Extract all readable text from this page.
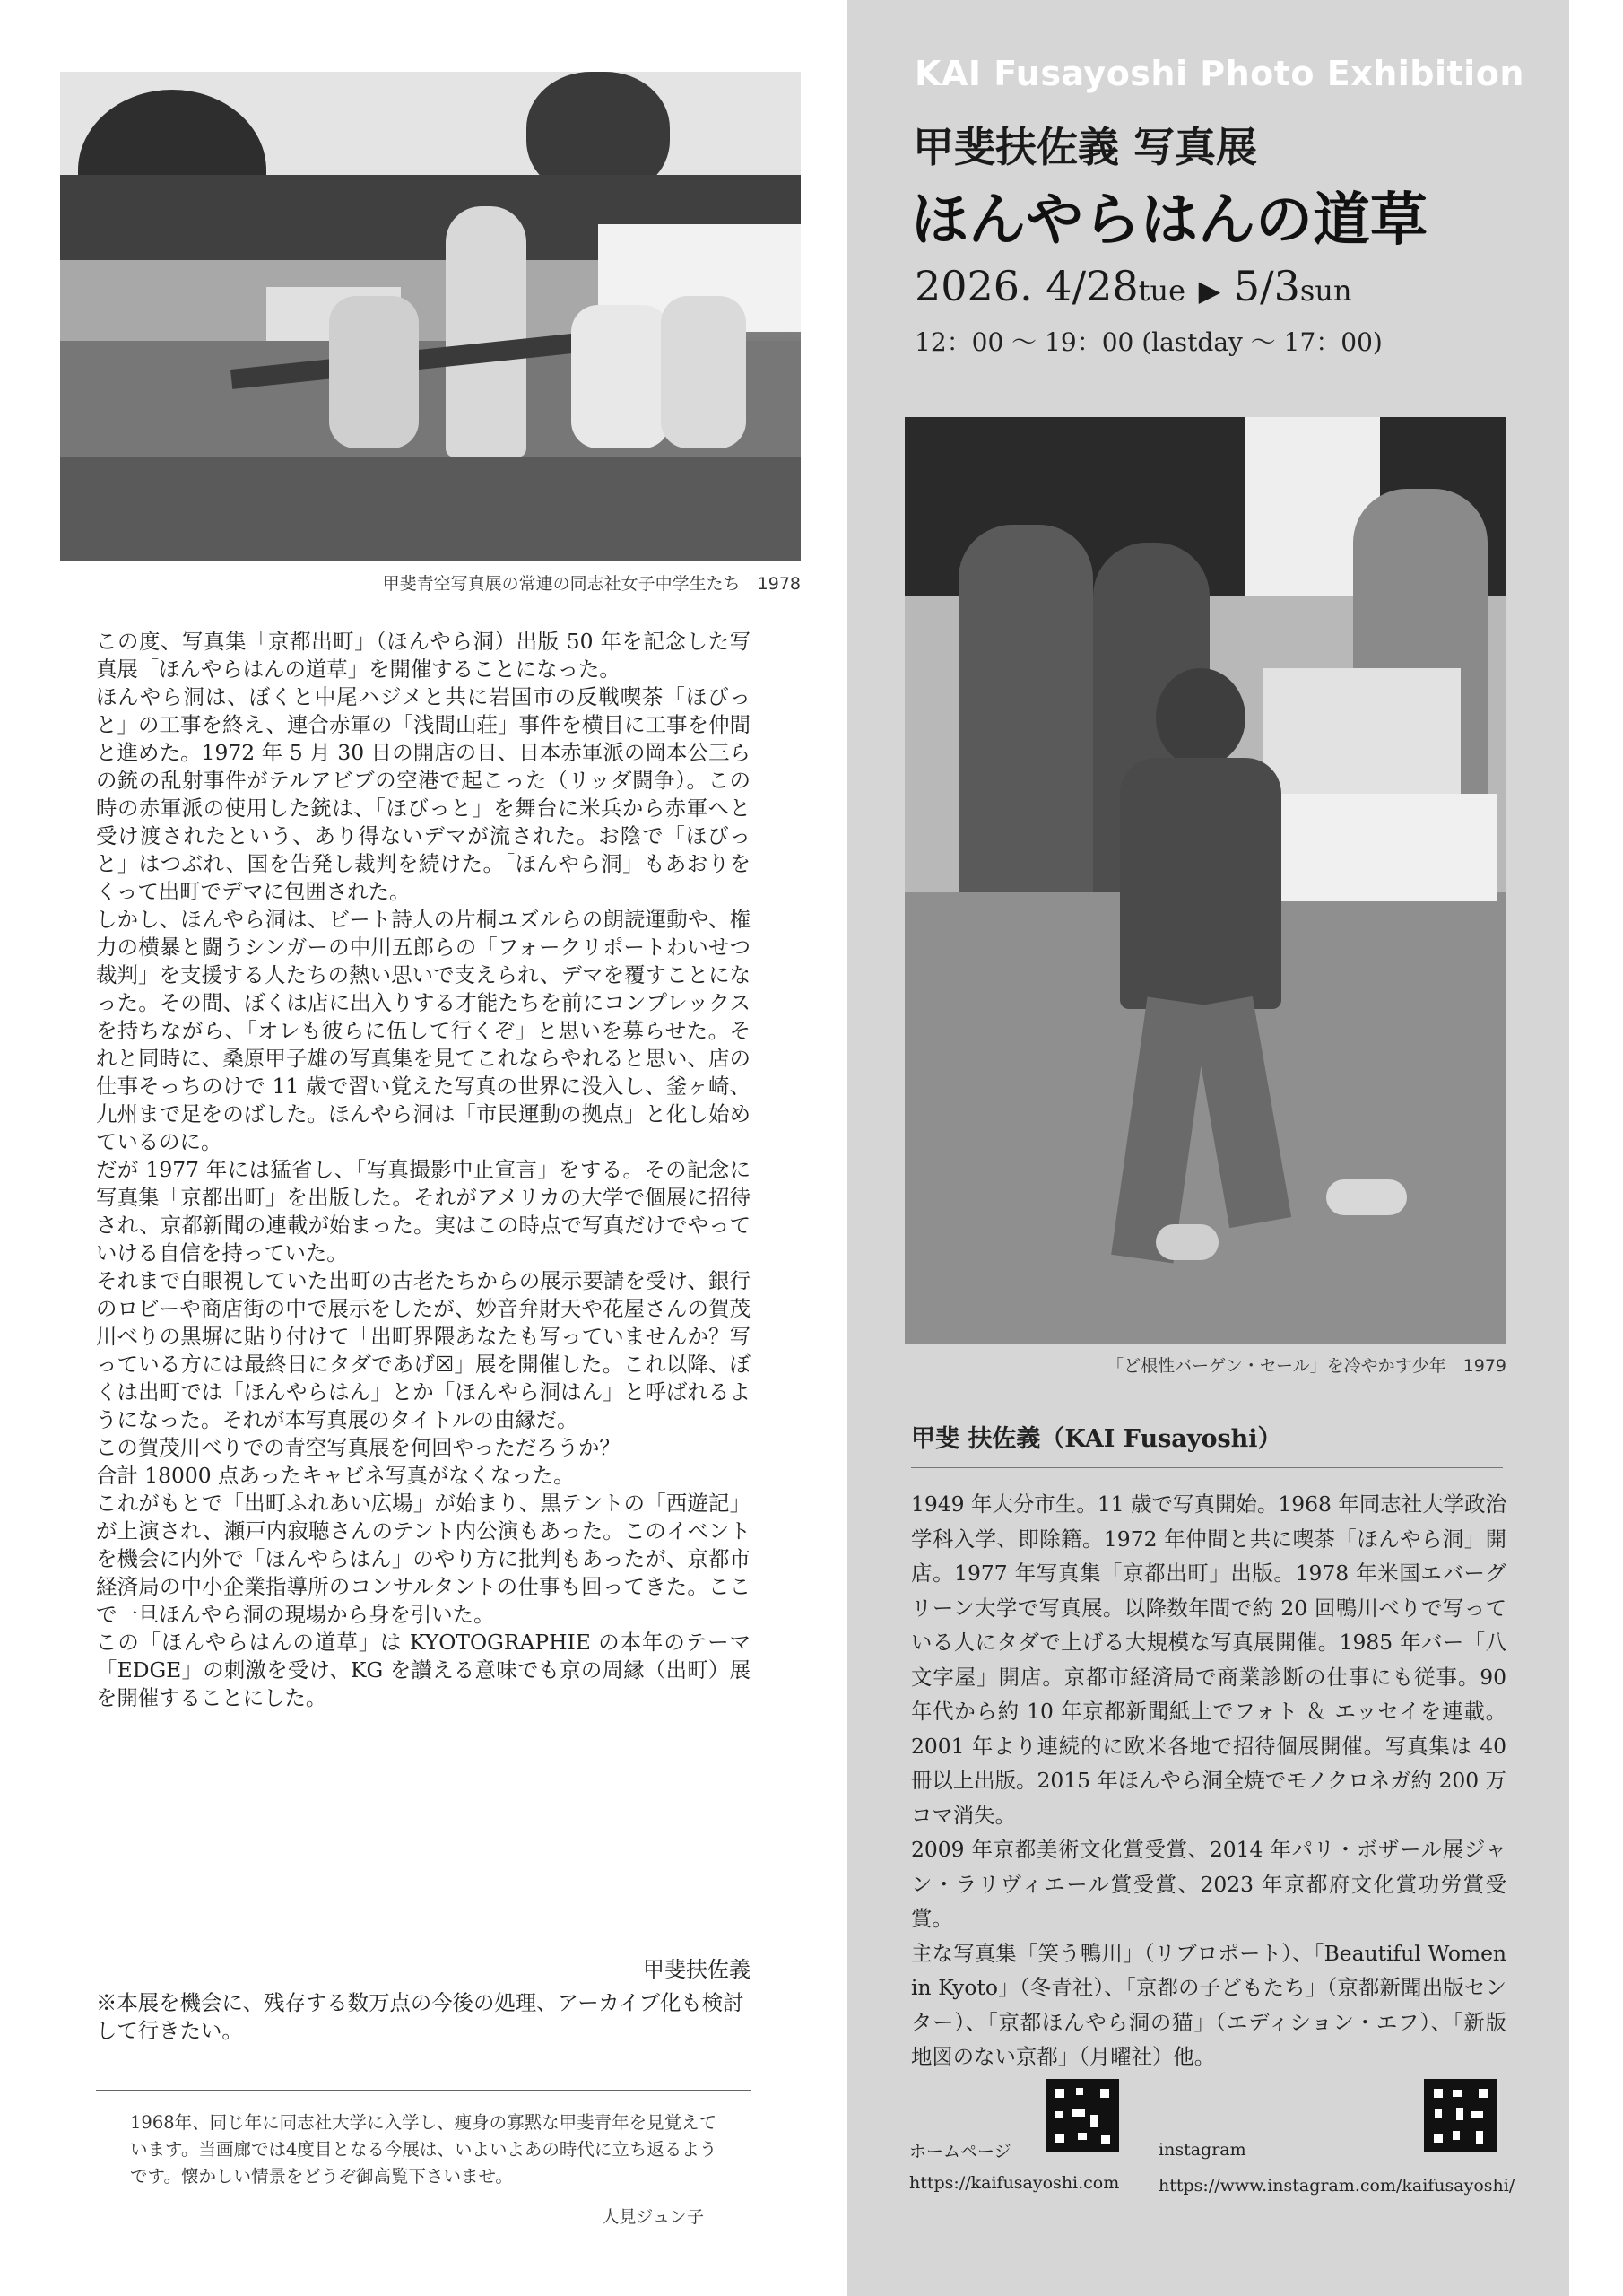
甲斐青空写真展の常連の同志社女子中学生たち　1978

この度、写真集「京都出町」（ほんやら洞）出版 50 年を記念した写真展「ほんやらはんの道草」を開催することになった。

ほんやら洞は、ぼくと中尾ハジメと共に岩国市の反戦喫茶「ほびっと」の工事を終え、連合赤軍の「浅間山荘」事件を横目に工事を仲間と進めた。1972 年 5 月 30 日の開店の日、日本赤軍派の岡本公三らの銃の乱射事件がテルアビブの空港で起こった（リッダ闘争）。この時の赤軍派の使用した銃は、「ほびっと」を舞台に米兵から赤軍へと受け渡されたという、あり得ないデマが流された。お陰で「ほびっと」はつぶれ、国を告発し裁判を続けた。「ほんやら洞」もあおりをくって出町でデマに包囲された。

しかし、ほんやら洞は、ビート詩人の片桐ユズルらの朗読運動や、権力の横暴と闘うシンガーの中川五郎らの「フォークリポートわいせつ裁判」を支援する人たちの熱い思いで支えられ、デマを覆すことになった。その間、ぼくは店に出入りする才能たちを前にコンプレックスを持ちながら、「オレも彼らに伍して行くぞ」と思いを募らせた。それと同時に、桑原甲子雄の写真集を見てこれならやれると思い、店の仕事そっちのけで 11 歳で習い覚えた写真の世界に没入し、釜ヶ崎、九州まで足をのばした。ほんやら洞は「市民運動の拠点」と化し始めているのに。

だが 1977 年には猛省し、「写真撮影中止宣言」をする。その記念に写真集「京都出町」を出版した。それがアメリカの大学で個展に招待され、京都新聞の連載が始まった。実はこの時点で写真だけでやっていける自信を持っていた。

それまで白眼視していた出町の古老たちからの展示要請を受け、銀行のロビーや商店街の中で展示をしたが、妙音弁財天や花屋さんの賀茂川べりの黒塀に貼り付けて「出町界隈あなたも写っていませんか？写っている方には最終日にタダであげ☒」展を開催した。これ以降、ぼくは出町では「ほんやらはん」とか「ほんやら洞はん」と呼ばれるようになった。それが本写真展のタイトルの由縁だ。

この賀茂川べりでの青空写真展を何回やっただろうか？

合計 18000 点あったキャビネ写真がなくなった。

これがもとで「出町ふれあい広場」が始まり、黒テントの「西遊記」が上演され、瀬戸内寂聴さんのテント内公演もあった。このイベントを機会に内外で「ほんやらはん」のやり方に批判もあったが、京都市経済局の中小企業指導所のコンサルタントの仕事も回ってきた。ここで一旦ほんやら洞の現場から身を引いた。

この「ほんやらはんの道草」は KYOTOGRAPHIE の本年のテーマ「EDGE」の刺激を受け、KG を讃える意味でも京の周縁（出町）展を開催することにした。

甲斐扶佐義
※本展を機会に、残存する数万点の今後の処理、アーカイブ化も検討して行きたい。
1968年、同じ年に同志社大学に入学し、痩身の寡黙な甲斐青年を見覚えています。当画廊では4度目となる今展は、いよいよあの時代に立ち返るようです。懐かしい情景をどうぞ御高覧下さいませ。
人見ジュン子
KAI Fusayoshi Photo Exhibition
甲斐扶佐義 写真展
ほんやらはんの道草
2026. 4/28tue ▶ 5/3sun
12：00 ～ 19：00 (lastday ～ 17：00)
「ど根性バーゲン・セール」を冷やかす少年　1979
甲斐 扶佐義（KAI Fusayoshi）

1949 年大分市生。11 歳で写真開始。1968 年同志社大学政治学科入学、即除籍。1972 年仲間と共に喫茶「ほんやら洞」開店。1977 年写真集「京都出町」出版。1978 年米国エバーグリーン大学で写真展。以降数年間で約 20 回鴨川べりで写っている人にタダで上げる大規模な写真展開催。1985 年バー「八文字屋」開店。京都市経済局で商業診断の仕事にも従事。90 年代から約 10 年京都新聞紙上でフォト ＆ エッセイを連載。2001 年より連続的に欧米各地で招待個展開催。写真集は 40 冊以上出版。2015 年ほんやら洞全焼でモノクロネガ約 200 万コマ消失。

2009 年京都美術文化賞受賞、2014 年パリ・ボザール展ジャン・ラリヴィエール賞受賞、2023 年京都府文化賞功労賞受賞。

主な写真集「笑う鴨川」（リブロポート）、「Beautiful Women in Kyoto」（冬青社）、「京都の子どもたち」（京都新聞出版センター）、「京都ほんやら洞の猫」（エディション・エフ）、「新版 地図のない京都」（月曜社）他。

ホームページ	instagram
https://kaifusayoshi.com https://www.instagram.com/kaifusayoshi/
